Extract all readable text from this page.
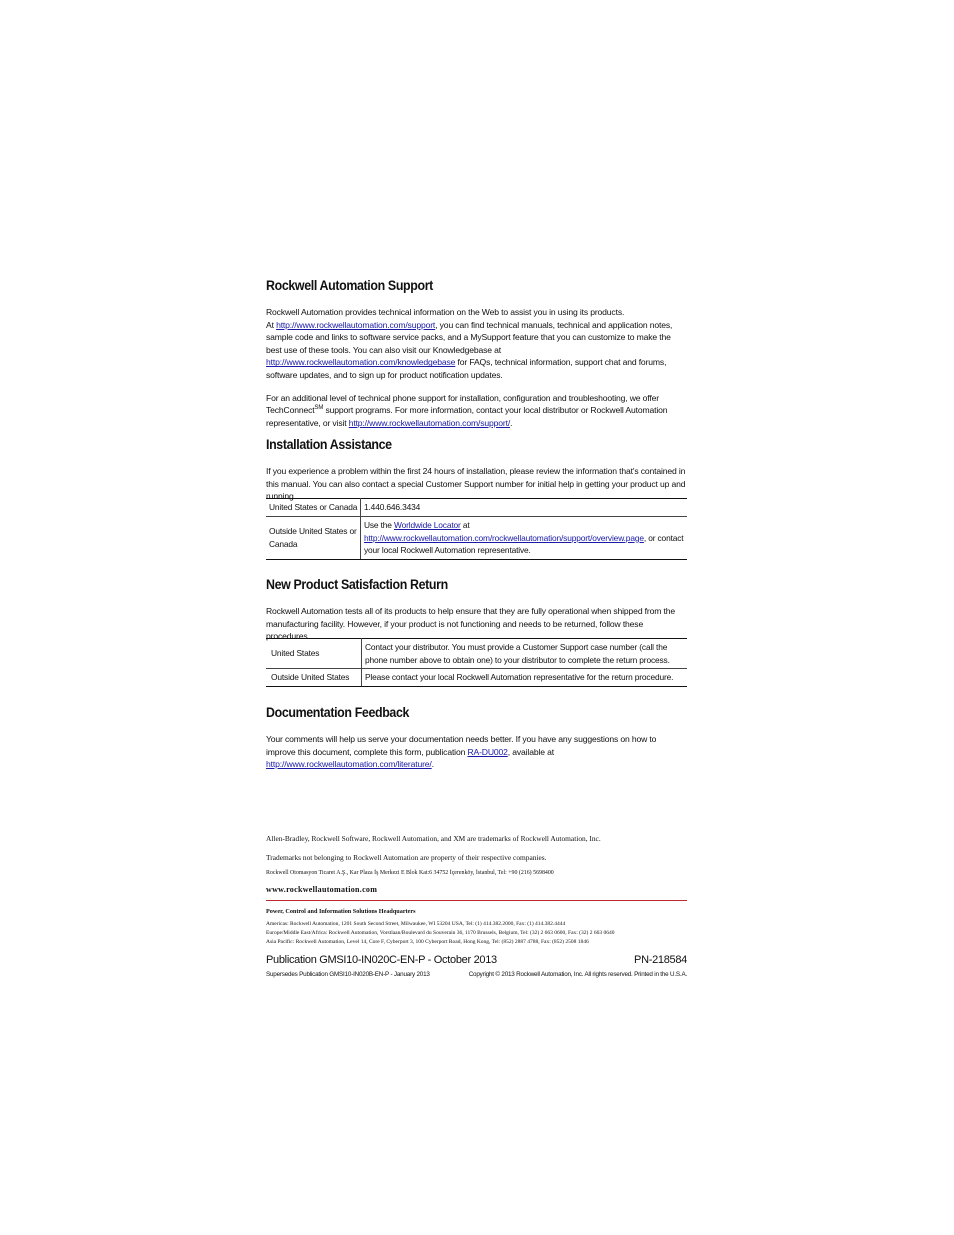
Rockwell Automation Support

Rockwell Automation provides technical information on the Web to assist you in using its products.
At http://www.rockwellautomation.com/support, you can find technical manuals, technical and application notes, sample code and links to software service packs, and a MySupport feature that you can customize to make the best use of these tools. You can also visit our Knowledgebase at http://www.rockwellautomation.com/knowledgebase for FAQs, technical information, support chat and forums, software updates, and to sign up for product notification updates.

For an additional level of technical phone support for installation, configuration and troubleshooting, we offer TechConnect℠ support programs. For more information, contact your local distributor or Rockwell Automation representative, or visit http://www.rockwellautomation.com/support/.

Installation Assistance
If you experience a problem within the first 24 hours of installation, please review the information that's contained in this manual. You can also contact a special Customer Support number for initial help in getting your product up and running.
United States or Canada	1.440.646.3434
Outside United States or Canada	Use the Worldwide Locator at
http://www.rockwellautomation.com/rockwellautomation/support/overview.page, or contact your local Rockwell Automation representative.
New Product Satisfaction Return
Rockwell Automation tests all of its products to help ensure that they are fully operational when shipped from the manufacturing facility. However, if your product is not functioning and needs to be returned, follow these procedures.
United States	Contact your distributor. You must provide a Customer Support case number (call the phone number above to obtain one) to your distributor to complete the return process.
Outside United States	Please contact your local Rockwell Automation representative for the return procedure.
Documentation Feedback
Your comments will help us serve your documentation needs better. If you have any suggestions on how to improve this document, complete this form, publication RA-DU002, available at http://www.rockwellautomation.com/literature/.
Allen-Bradley, Rockwell Software, Rockwell Automation, and XM are trademarks of Rockwell Automation, Inc.
Trademarks not belonging to Rockwell Automation are property of their respective companies.
Rockwell Otomasyon Ticaret A.Ş., Kar Plaza İş Merkezi E Blok Kat:6 34752 İçerenköy, İstanbul, Tel: +90 (216) 5698400
www.rockwellautomation.com
Power, Control and Information Solutions Headquarters
Americas: Rockwell Automation, 1201 South Second Street, Milwaukee, WI 53204 USA, Tel: (1) 414.382.2000, Fax: (1) 414.382.4444
Europe/Middle East/Africa: Rockwell Automation, Vorstlaan/Boulevard du Souverain 36, 1170 Brussels, Belgium, Tel: (32) 2 663 0600, Fax: (32) 2 663 0640
Asia Pacific: Rockwell Automation, Level 14, Core F, Cyberport 3, 100 Cyberport Road, Hong Kong, Tel: (852) 2887 4788, Fax: (852) 2508 1846
Publication GMSI10-IN020C-EN-P - October 2013	PN-218584
Supersedes Publication GMSI10-IN020B-EN-P - January 2013	Copyright © 2013 Rockwell Automation, Inc. All rights reserved. Printed in the U.S.A.
